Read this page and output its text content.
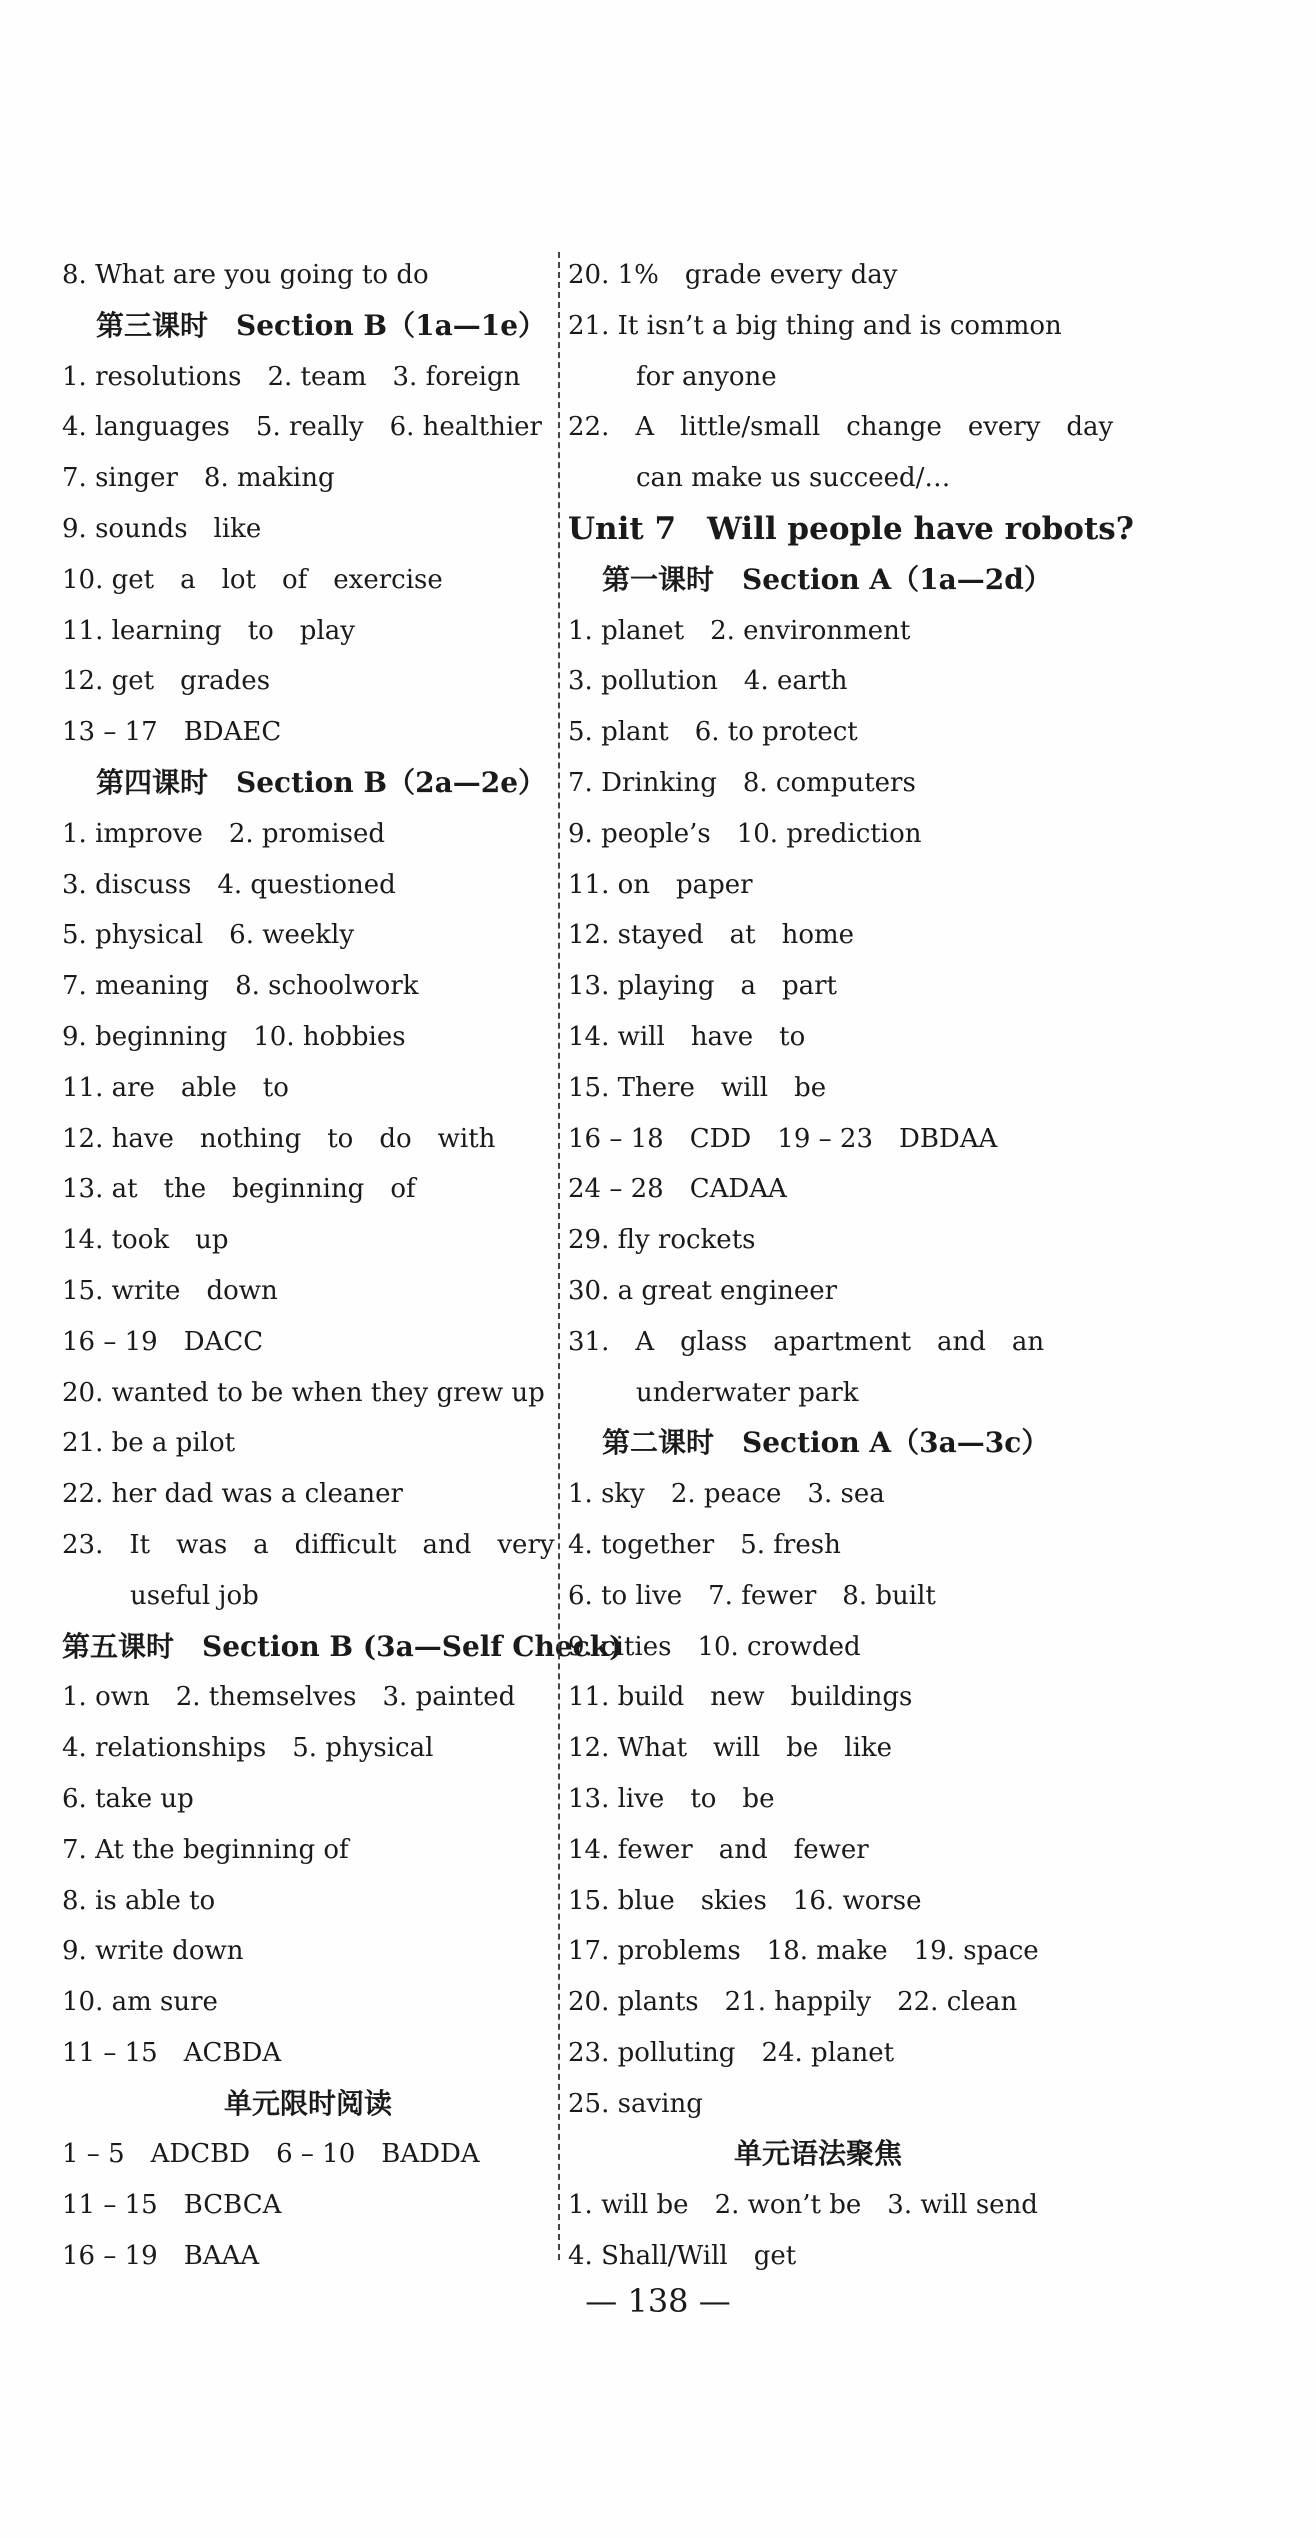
8. What are you going to do
第三课时　Section B（1a—1e）
1. resolutions　2. team　3. foreign
4. languages　5. really　6. healthier
7. singer　8. making
9. sounds　like
10. get　a　lot　of　exercise
11. learning　to　play
12. get　grades
13 – 17　BDAEC
第四课时　Section B（2a—2e）
1. improve　2. promised
3. discuss　4. questioned
5. physical　6. weekly
7. meaning　8. schoolwork
9. beginning　10. hobbies
11. are　able　to
12. have　nothing　to　do　with
13. at　the　beginning　of
14. took　up
15. write　down
16 – 19　DACC
20. wanted to be when they grew up
21. be a pilot
22. her dad was a cleaner
23.　It　was　a　difficult　and　very
useful job
第五课时　Section B (3a—Self Check)
1. own　2. themselves　3. painted
4. relationships　5. physical
6. take up
7. At the beginning of
8. is able to
9. write down
10. am sure
11 – 15　ACBDA
单元限时阅读
1 – 5　ADCBD　6 – 10　BADDA
11 – 15　BCBCA
16 – 19　BAAA
20. 1%　grade every day
21. It isn’t a big thing and is common
for anyone
22.　A　little/small　change　every　day
can make us succeed/…
Unit 7　Will people have robots?
第一课时　Section A（1a—2d）
1. planet　2. environment
3. pollution　4. earth
5. plant　6. to protect
7. Drinking　8. computers
9. people’s　10. prediction
11. on　paper
12. stayed　at　home
13. playing　a　part
14. will　have　to
15. There　will　be
16 – 18　CDD　19 – 23　DBDAA
24 – 28　CADAA
29. fly rockets
30. a great engineer
31.　A　glass　apartment　and　an
underwater park
第二课时　Section A（3a—3c）
1. sky　2. peace　3. sea
4. together　5. fresh
6. to live　7. fewer　8. built
9. cities　10. crowded
11. build　new　buildings
12. What　will　be　like
13. live　to　be
14. fewer　and　fewer
15. blue　skies　16. worse
17. problems　18. make　19. space
20. plants　21. happily　22. clean
23. polluting　24. planet
25. saving
单元语法聚焦
1. will be　2. won’t be　3. will send
4. Shall/Will　get
— 138 —
